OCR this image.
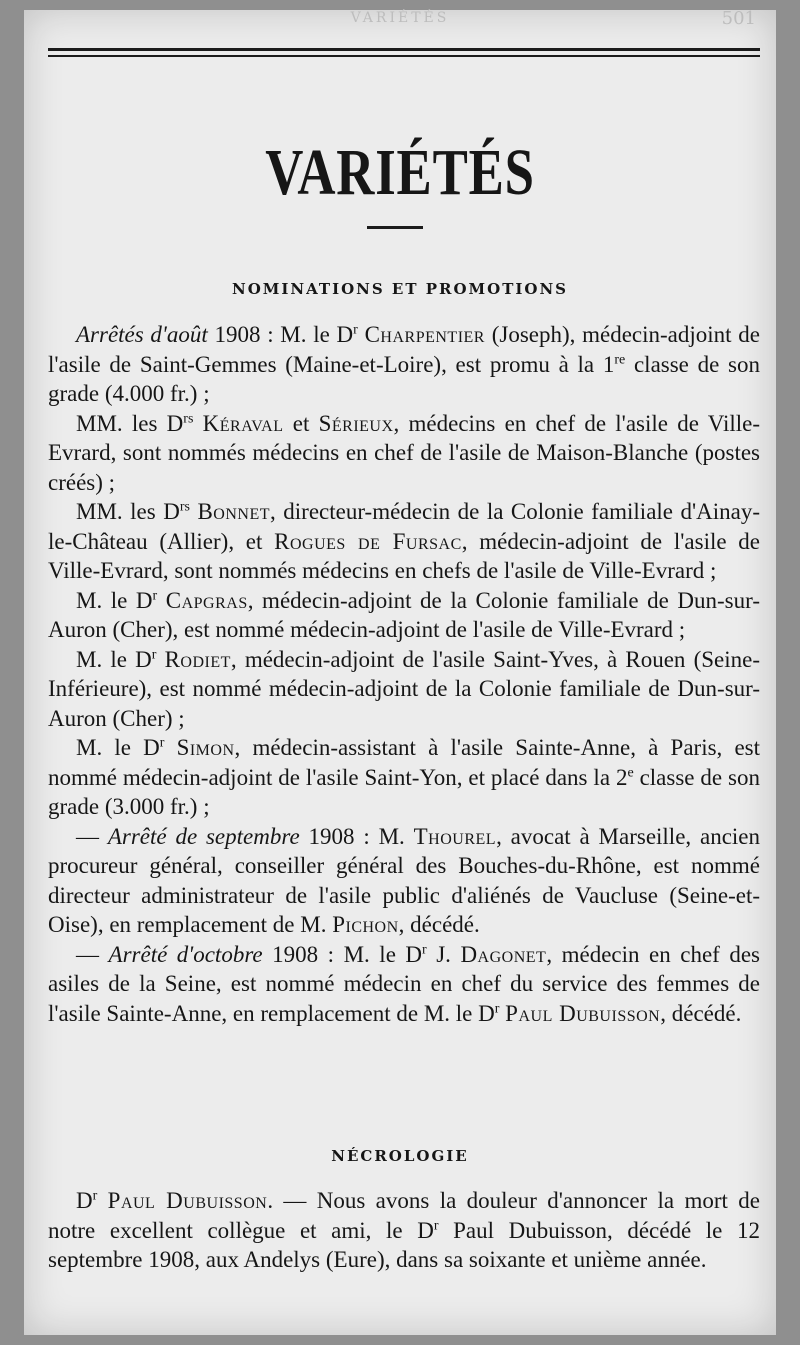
VARIÉTÉS	501
VARIÉTÉS
NOMINATIONS ET PROMOTIONS

Arrêtés d'août 1908 : M. le $D^r$ Charpentier (Joseph), médecin-adjoint de l'asile de Saint-Gemmes (Maine-et-Loire), est promu à la 1re classe de son grade (4.000 fr.) ;

MM. les $D^{rs}$ Kéraval et Sérieux, médecins en chef de l'asile de Ville-Evrard, sont nommés médecins en chef de l'asile de Maison-Blanche (postes créés) ;

MM. les $D^{rs}$ Bonnet, directeur-médecin de la Colonie familiale d'Ainay-le-Château (Allier), et Rogues de Fursac, médecin-adjoint de l'asile de Ville-Evrard, sont nommés médecins en chefs de l'asile de Ville-Evrard ;

M. le $D^r$ Capgras, médecin-adjoint de la Colonie familiale de Dun-sur-Auron (Cher), est nommé médecin-adjoint de l'asile de Ville-Evrard ;

M. le $D^r$ Rodiet, médecin-adjoint de l'asile Saint-Yves, à Rouen (Seine-Inférieure), est nommé médecin-adjoint de la Colonie familiale de Dun-sur-Auron (Cher) ;

M. le $D^r$ Simon, médecin-assistant à l'asile Sainte-Anne, à Paris, est nommé médecin-adjoint de l'asile Saint-Yon, et placé dans la 2e classe de son grade (3.000 fr.) ;

— Arrêté de septembre 1908 : M. Thourel, avocat à Marseille, ancien procureur général, conseiller général des Bouches-du-Rhône, est nommé directeur administrateur de l'asile public d'aliénés de Vaucluse (Seine-et-Oise), en remplacement de M. Pichon, décédé.

— Arrêté d'octobre 1908 : M. le $D^r$ J. Dagonet, médecin en chef des asiles de la Seine, est nommé médecin en chef du service des femmes de l'asile Sainte-Anne, en remplacement de M. le $D^r$ Paul Dubuisson, décédé.

NÉCROLOGIE

$D^r$ Paul Dubuisson. — Nous avons la douleur d'annoncer la mort de notre excellent collègue et ami, le $D^r$ Paul Dubuisson, décédé le 12 septembre 1908, aux Andelys (Eure), dans sa soixante et unième année.
